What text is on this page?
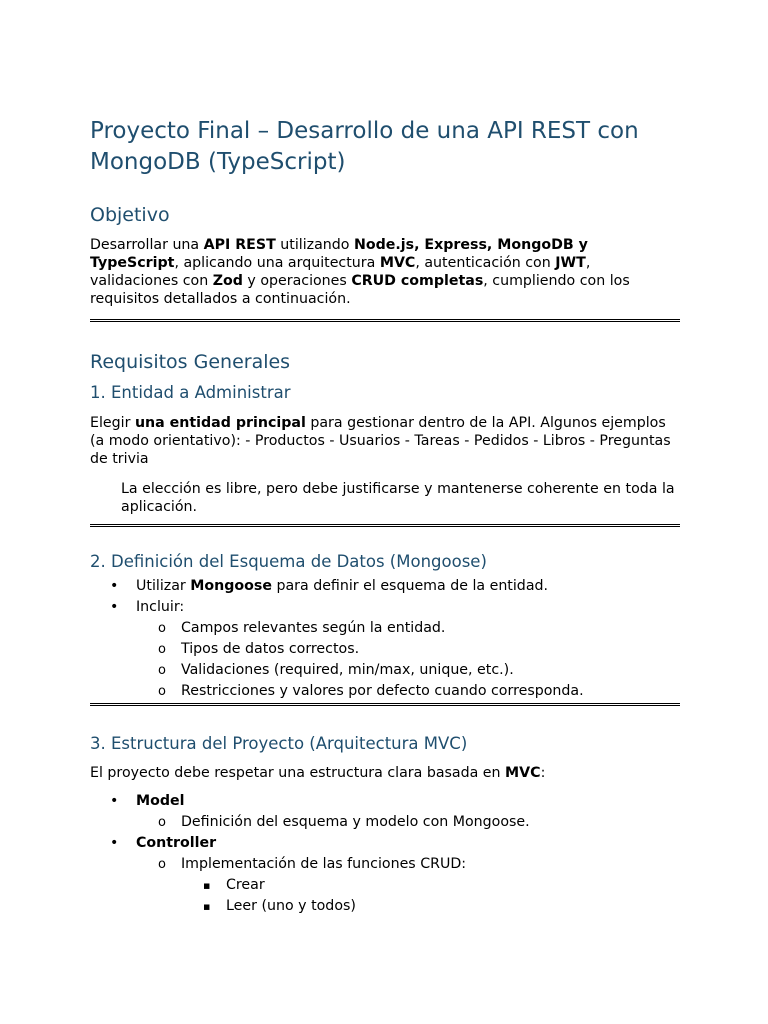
Proyecto Final – Desarrollo de una API REST con MongoDB (TypeScript)
Objetivo

Desarrollar una API REST utilizando Node.js, Express, MongoDB y TypeScript, aplicando una arquitectura MVC, autenticación con JWT, validaciones con Zod y operaciones CRUD completas, cumpliendo con los requisitos detallados a continuación.

Requisitos Generales
1. Entidad a Administrar

Elegir una entidad principal para gestionar dentro de la API. Algunos ejemplos (a modo orientativo): - Productos - Usuarios - Tareas - Pedidos - Libros - Preguntas de trivia

La elección es libre, pero debe justificarse y mantenerse coherente en toda la aplicación.

2. Definición del Esquema de Datos (Mongoose)
• Utilizar Mongoose para definir el esquema de la entidad.
• Incluir:
o Campos relevantes según la entidad.
o Tipos de datos correctos.
o Validaciones (required, min/max, unique, etc.).
o Restricciones y valores por defecto cuando corresponda.
3. Estructura del Proyecto (Arquitectura MVC)

El proyecto debe respetar una estructura clara basada en MVC:

• Model
o Definición del esquema y modelo con Mongoose.
• Controller
o Implementación de las funciones CRUD:
▪ Crear
▪ Leer (uno y todos)
